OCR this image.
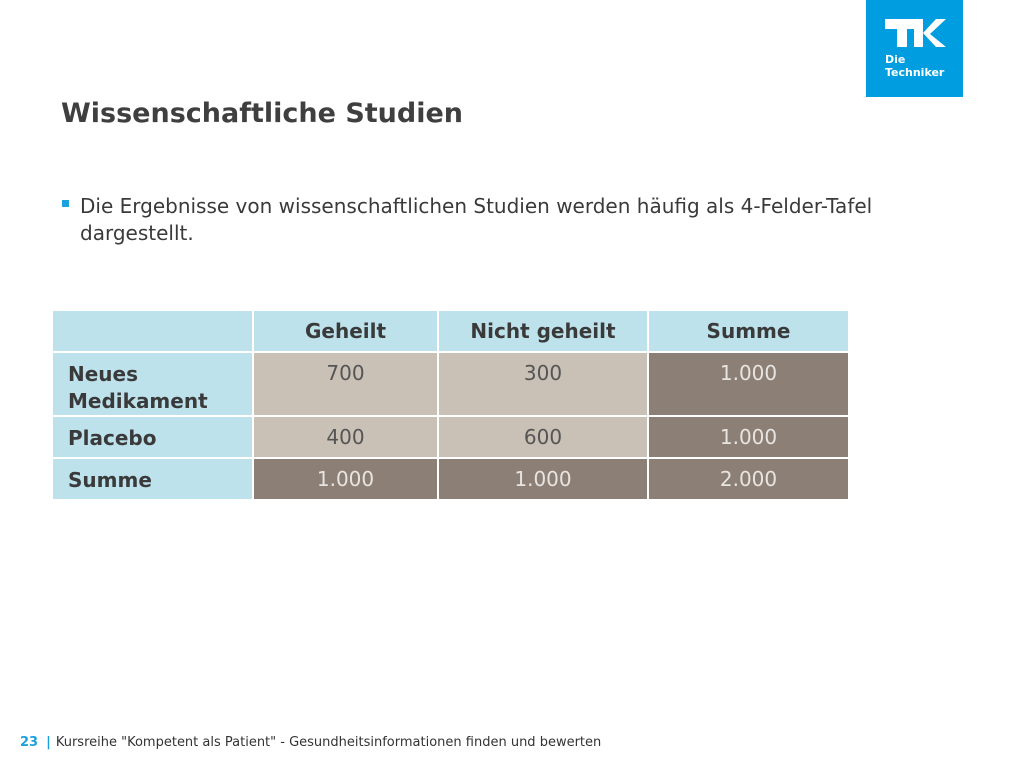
Die
Techniker
Wissenschaftliche Studien
Die Ergebnisse von wissenschaftlichen Studien werden häufig als 4-Felder-Tafel dargestellt.
	Geheilt	Nicht geheilt	Summe
Neues Medikament	700	300	1.000
Placebo	400	600	1.000
Summe	1.000	1.000	2.000
23 | Kursreihe "Kompetent als Patient" - Gesundheitsinformationen finden und bewerten
